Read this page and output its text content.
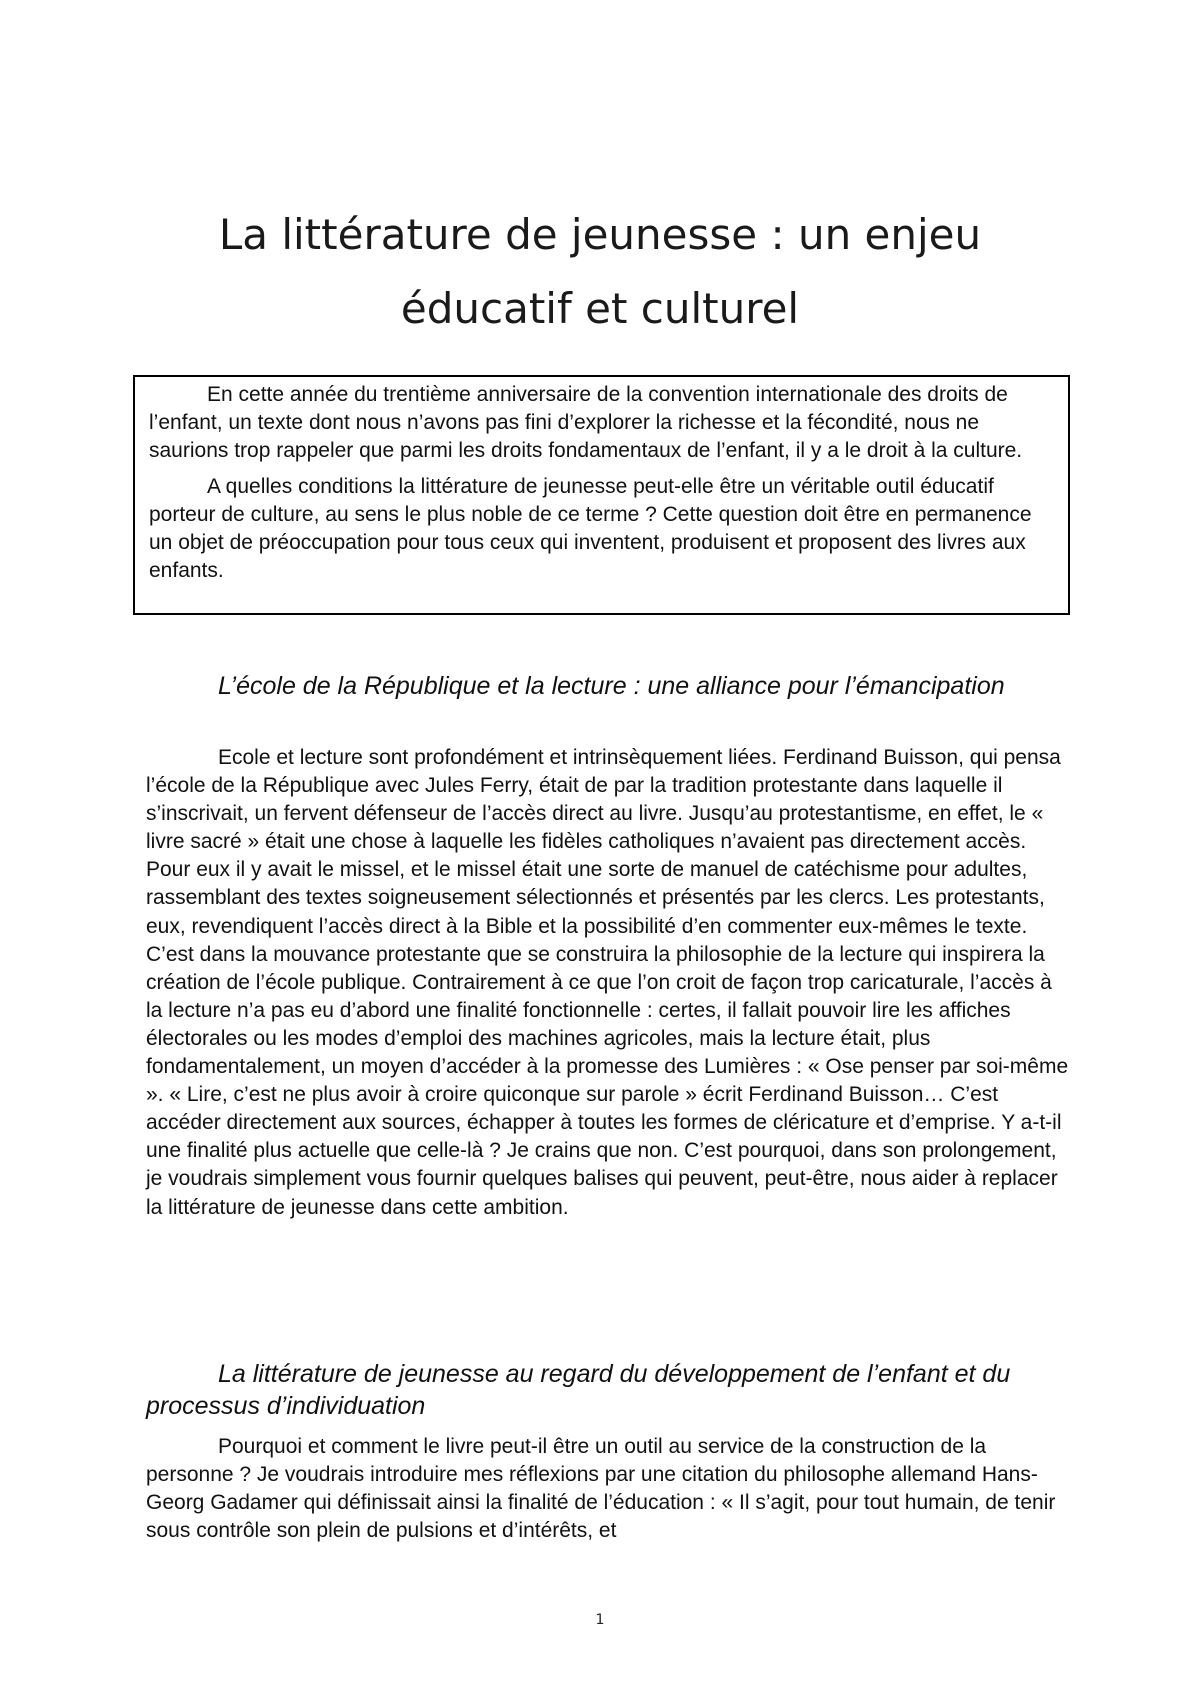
La littérature de jeunesse : un enjeu éducatif et culturel

En cette année du trentième anniversaire de la convention internationale des droits de l’enfant, un texte dont nous n’avons pas fini d’explorer la richesse et la fécondité, nous ne saurions trop rappeler que parmi les droits fondamentaux de l’enfant, il y a le droit à la culture.

A quelles conditions la littérature de jeunesse peut-elle être un véritable outil éducatif porteur de culture, au sens le plus noble de ce terme ? Cette question doit être en permanence un objet de préoccupation pour tous ceux qui inventent, produisent et proposent des livres aux enfants.

L’école de la République et la lecture : une alliance pour l’émancipation

Ecole et lecture sont profondément et intrinsèquement liées. Ferdinand Buisson, qui pensa l’école de la République avec Jules Ferry, était de par la tradition protestante dans laquelle il s’inscrivait, un fervent défenseur de l’accès direct au livre. Jusqu’au protestantisme, en effet, le « livre sacré » était une chose à laquelle les fidèles catholiques n’avaient pas directement accès. Pour eux il y avait le missel, et le missel était une sorte de manuel de catéchisme pour adultes, rassemblant des textes soigneusement sélectionnés et présentés par les clercs. Les protestants, eux, revendiquent l’accès direct à la Bible et la possibilité d’en commenter eux-mêmes le texte. C’est dans la mouvance protestante que se construira la philosophie de la lecture qui inspirera la création de l’école publique. Contrairement à ce que l’on croit de façon trop caricaturale, l’accès à la lecture n’a pas eu d’abord une finalité fonctionnelle : certes, il fallait pouvoir lire les affiches électorales ou les modes d’emploi des machines agricoles, mais la lecture était, plus fondamentalement, un moyen d’accéder à la promesse des Lumières : « Ose penser par soi-même ». « Lire, c’est ne plus avoir à croire quiconque sur parole » écrit Ferdinand Buisson… C’est accéder directement aux sources, échapper à toutes les formes de cléricature et d’emprise. Y a-t-il une finalité plus actuelle que celle-là ? Je crains que non. C’est pourquoi, dans son prolongement, je voudrais simplement vous fournir quelques balises qui peuvent, peut-être, nous aider à replacer la littérature de jeunesse dans cette ambition.

La littérature de jeunesse au regard du développement de l’enfant et du processus d’individuation

Pourquoi et comment le livre peut-il être un outil au service de la construction de la personne ? Je voudrais introduire mes réflexions par une citation du philosophe allemand Hans-Georg Gadamer qui définissait ainsi la finalité de l’éducation : « Il s’agit, pour tout humain, de tenir sous contrôle son plein de pulsions et d’intérêts, et

1
